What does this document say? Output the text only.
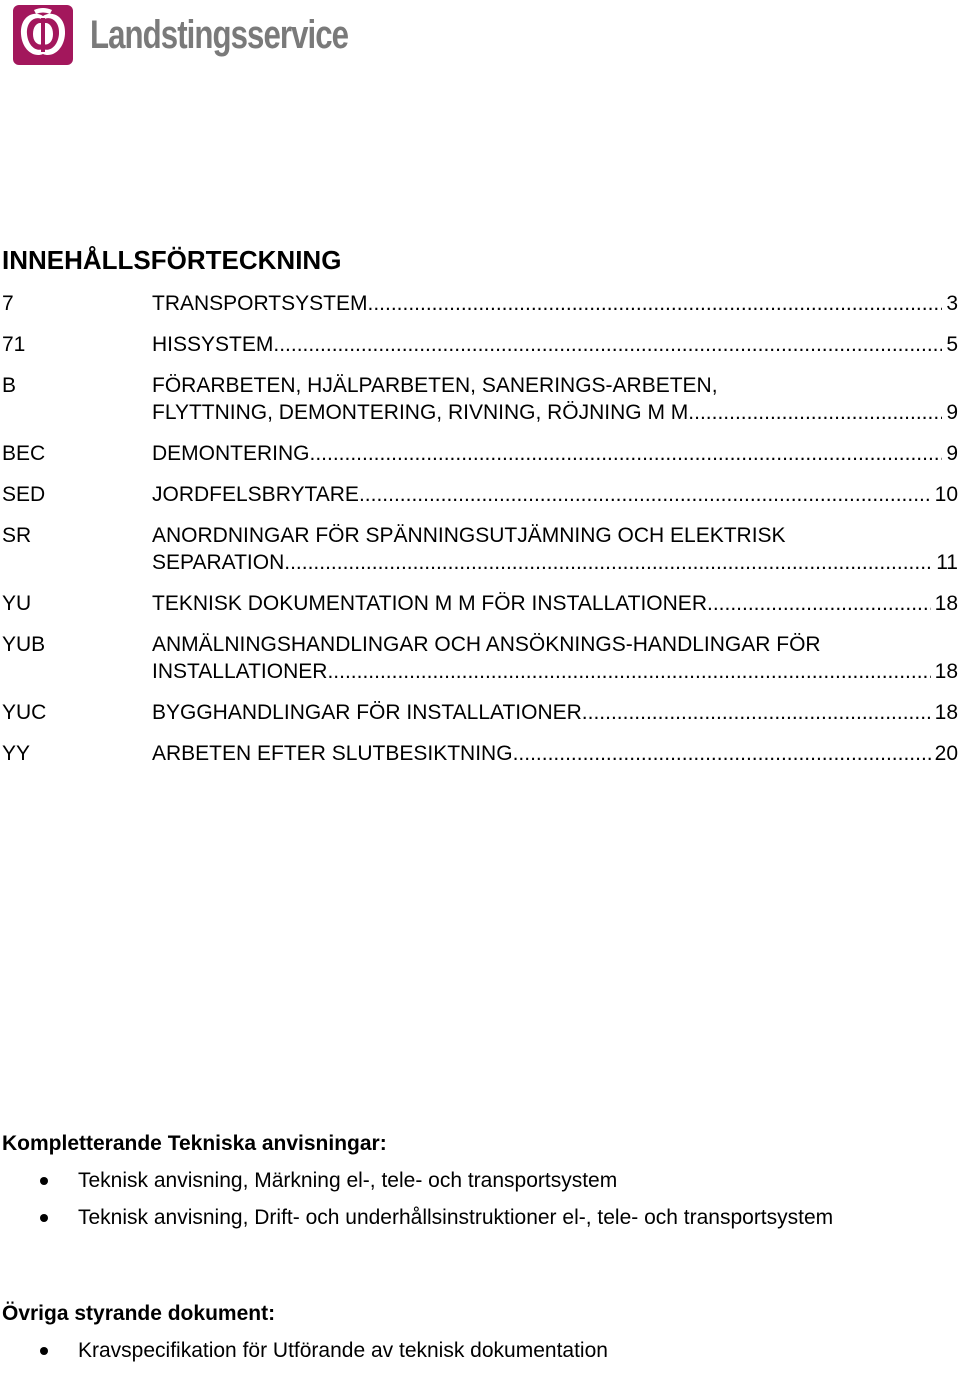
Landstingsservice
INNEHÅLLSFÖRTECKNING
7	TRANSPORTSYSTEM .....	3
71	HISSYSTEM .....	5
B	FÖRARBETEN, HJÄLPARBETEN, SANERINGS-ARBETEN,
FLYTTNING, DEMONTERING, RIVNING, RÖJNING M M .....	9
BEC	DEMONTERING .....	9
SED	JORDFELSBRYTARE .....	10
SR	ANORDNINGAR FÖR SPÄNNINGSUTJÄMNING OCH ELEKTRISK
SEPARATION .....	11
YU	TEKNISK DOKUMENTATION M M FÖR INSTALLATIONER .....	18
YUB	ANMÄLNINGSHANDLINGAR OCH ANSÖKNINGS-HANDLINGAR FÖR
INSTALLATIONER .....	18
YUC	BYGGHANDLINGAR FÖR INSTALLATIONER .....	18
YY	ARBETEN EFTER SLUTBESIKTNING .....	20
Kompletterande Tekniska anvisningar:
Teknisk anvisning, Märkning el-, tele- och transportsystem
Teknisk anvisning, Drift- och underhållsinstruktioner el-, tele- och transportsystem
Övriga styrande dokument:
Kravspecifikation för Utförande av teknisk dokumentation
